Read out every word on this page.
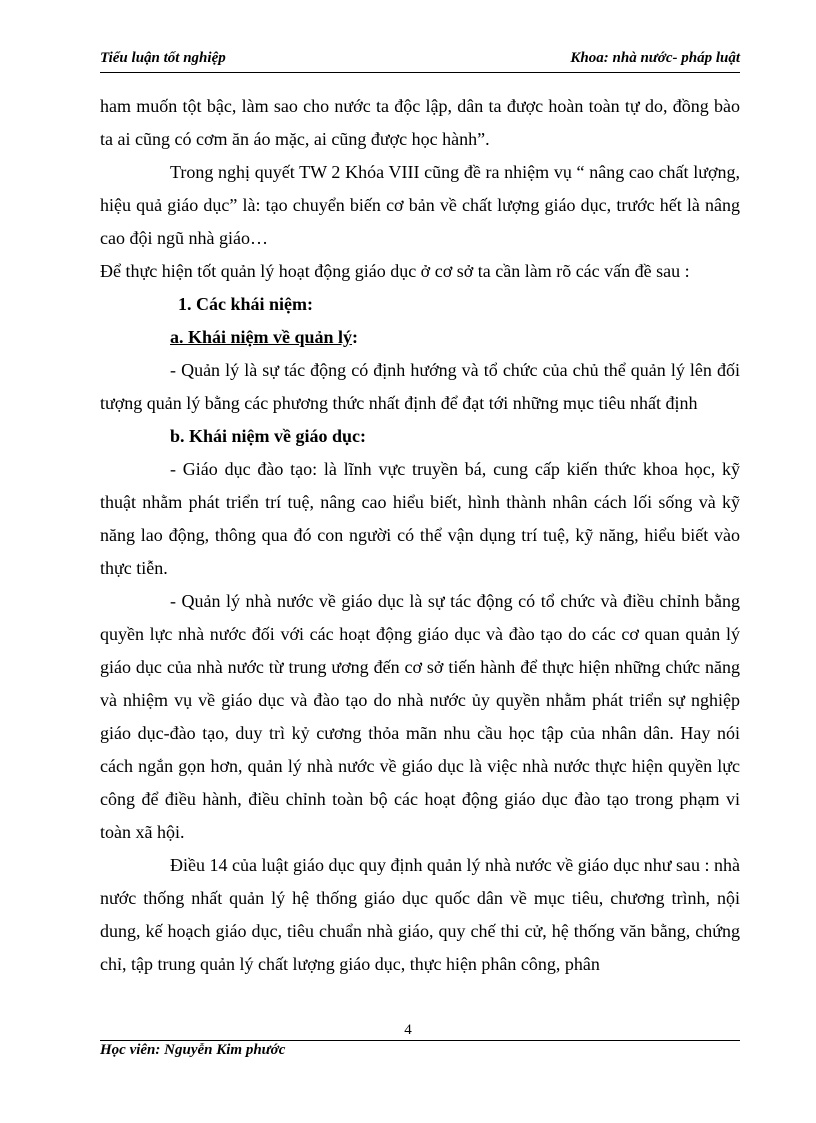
Tiểu luận tốt nghiệp	Khoa: nhà nước- pháp luật

ham muốn tột bậc, làm sao cho nước ta độc lập, dân ta được hoàn toàn tự do, đồng bào ta ai cũng có cơm ăn áo mặc, ai cũng được học hành”.

Trong nghị quyết TW 2 Khóa VIII cũng đề ra nhiệm vụ “ nâng cao chất lượng, hiệu quả giáo dục” là: tạo chuyển biến cơ bản về chất lượng giáo dục, trước hết là nâng cao đội ngũ nhà giáo…

Để thực hiện tốt quản lý hoạt động giáo dục ở cơ sở ta cần làm rõ các vấn đề sau :

1. Các khái niệm:

a. Khái niệm về quản lý:

- Quản lý là sự tác động có định hướng và tổ chức của chủ thể quản lý lên đối tượng quản lý bằng các phương thức nhất định để đạt tới những mục tiêu nhất định

b. Khái niệm về giáo dục:

- Giáo dục đào tạo: là lĩnh vực truyền bá, cung cấp kiến thức khoa học, kỹ thuật nhằm phát triển trí tuệ, nâng cao hiểu biết, hình thành nhân cách lối sống và kỹ năng lao động, thông qua đó con người có thể vận dụng trí tuệ, kỹ năng, hiểu biết vào thực tiễn.

- Quản lý nhà nước về giáo dục là sự tác động có tổ chức và điều chỉnh bằng quyền lực nhà nước đối với các hoạt động giáo dục và đào tạo do các cơ quan quản lý giáo dục của nhà nước từ trung ương đến cơ sở tiến hành để thực hiện những chức năng và nhiệm vụ về giáo dục và đào tạo do nhà nước ủy quyền nhằm phát triển sự nghiệp giáo dục-đào tạo, duy trì kỷ cương thỏa mãn nhu cầu học tập của nhân dân. Hay nói cách ngắn gọn hơn, quản lý nhà nước về giáo dục là việc nhà nước thực hiện quyền lực công để điều hành, điều chỉnh toàn bộ các hoạt động giáo dục đào tạo trong phạm vi toàn xã hội.

Điều 14 của luật giáo dục quy định quản lý nhà nước về giáo dục như sau : nhà nước thống nhất quản lý hệ thống giáo dục quốc dân về mục tiêu, chương trình, nội dung, kế hoạch giáo dục, tiêu chuẩn nhà giáo, quy chế thi cử, hệ thống văn bằng, chứng chỉ, tập trung quản lý chất lượng giáo dục, thực hiện phân công, phân

4
Học viên: Nguyễn Kim phước
